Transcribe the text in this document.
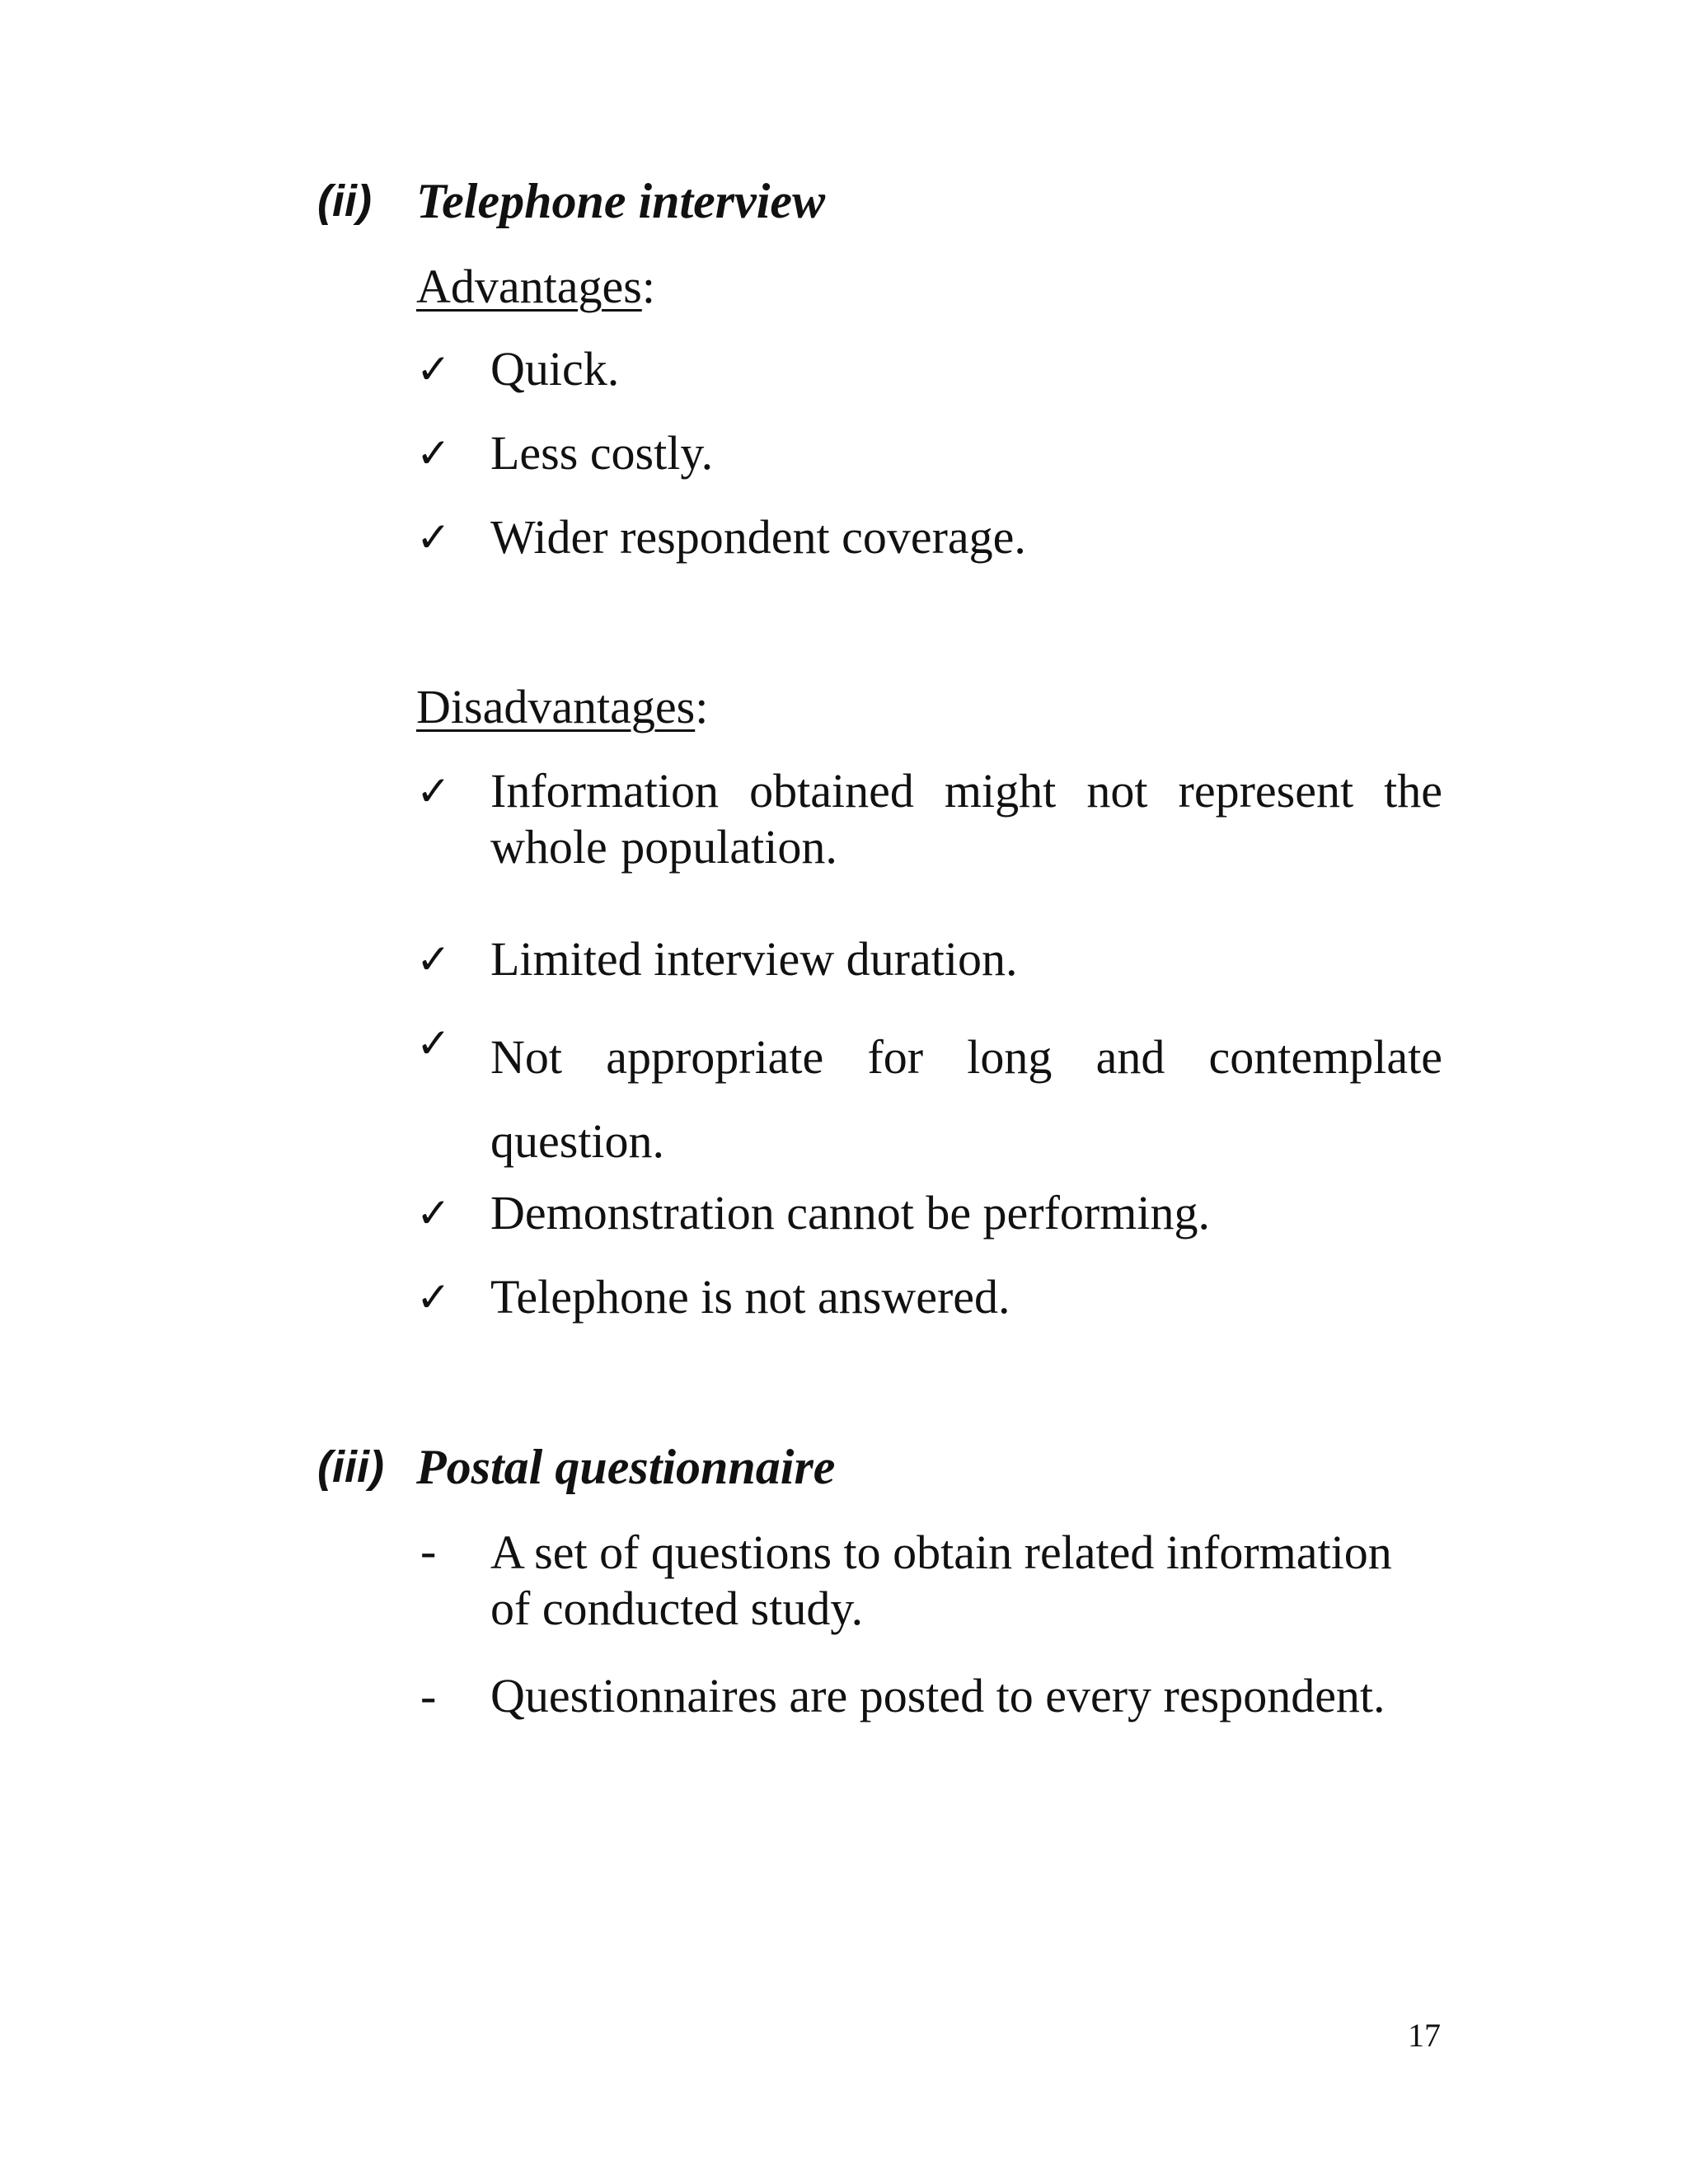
(ii) Telephone interview
Advantages:
✓ Quick.
✓ Less costly.
✓ Wider respondent coverage.
Disadvantages:
✓ Information obtained might not represent the whole population.
✓ Limited interview duration.
✓ Not appropriate for long and contemplate question.
✓ Demonstration cannot be performing.
✓ Telephone is not answered.
(iii) Postal questionnaire
- A set of questions to obtain related information of conducted study.
- Questionnaires are posted to every respondent.
17
